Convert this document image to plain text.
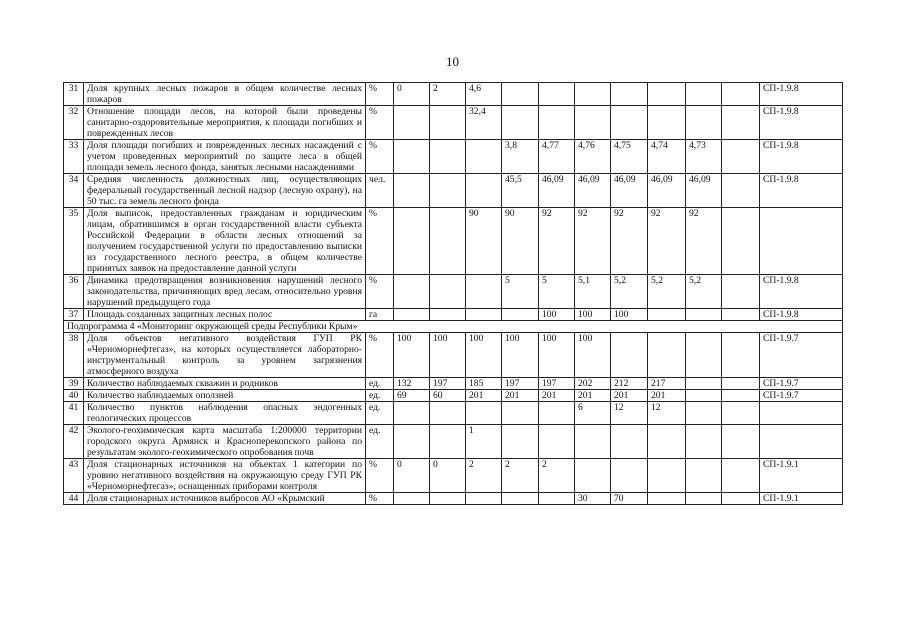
10
31	Доля крупных лесных пожаров в общем количестве лесных пожаров	%	0	2	4,6								СП-1.9.8
32	Отношение площади лесов, на которой были проведены санитарно-оздоровительные мероприятия, к площади погибших и поврежденных лесов	%			32,4								СП-1.9.8
33	Доля площади погибших и поврежденных лесных насаждений с учетом проведенных мероприятий по защите леса в общей площади земель лесного фонда, занятых лесными насаждениями	%				3,8	4,77	4,76	4,75	4,74	4,73		СП-1.9.8
34	Средняя численность должностных лиц, осуществляющих федеральный государственный лесной надзор (лесную охрану), на 50 тыс. га земель лесного фонда	чел.				45,5	46,09	46,09	46,09	46,09	46,09		СП-1.9.8
35	Доля выписок, предоставленных гражданам и юридическим лицам, обратившимся в орган государственной власти субъекта Российской Федерации в области лесных отношений за получением государственной услуги по предоставлению выписки из государственного лесного реестра, в общем количестве принятых заявок на предоставление данной услуги	%			90	90	92	92	92	92	92		
36	Динамика предотвращения возникновения нарушений лесного законодательства, причиняющих вред лесам, относительно уровня нарушений предыдущего года	%				5	5	5,1	5,2	5,2	5,2		СП-1.9.8
37	Площадь созданных защитных лесных полос	га					100	100	100				СП-1.9.8
Подпрограмма 4 «Мониторинг окружающей среды Республики Крым»													
38	Доля объектов негативного воздействия ГУП РК «Черноморнефтегаз», на которых осуществляется лабораторно-инструментальный контроль за уровнем загрязнения атмосферного воздуха	%	100	100	100	100	100	100					СП-1.9.7
39	Количество наблюдаемых скважин и родников	ед.	132	197	185	197	197	202	212	217			СП-1.9.7
40	Количество наблюдаемых оползней	ед.	69	60	201	201	201	201	201	201			СП-1.9.7
41	Количество пунктов наблюдения опасных эндогенных геологических процессов	ед.						6	12	12			
42	Эколого-геохимическая карта масштаба 1:200000 территории городского округа Армянск и Красноперекопского района по результатам эколого-геохимического опробования почв	ед.			1								
43	Доля стационарных источников на объектах 1 категории по уровню негативного воздействия на окружающую среду ГУП РК «Черноморнефтегаз», оснащенных приборами контроля	%	0	0	2	2	2						СП-1.9.1
44	Доля стационарных источников выбросов АО «Крымский	%						30	70				СП-1.9.1
